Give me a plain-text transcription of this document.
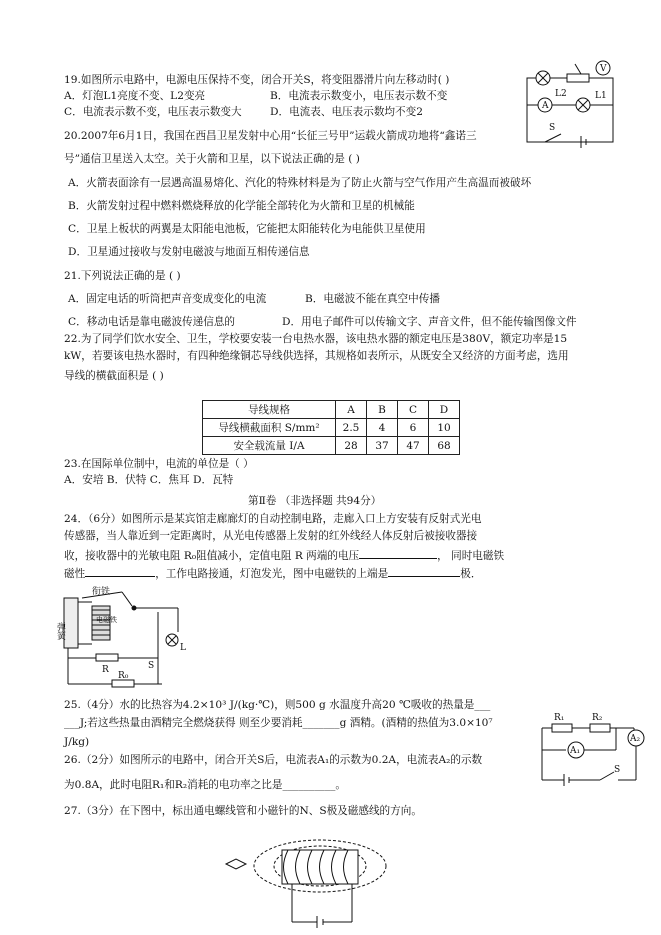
19.如图所示电路中，电源电压保持不变，闭合开关S，将变阻器滑片向左移动时( )
A．灯泡L1亮度不变、L2变亮	B．电流表示数变小，电压表示数不变
C．电流表示数不变，电压表示数变大	D．电流表、电压表示数均不变2
V
L2	L1
A
S
20.2007年6月1日，我国在西昌卫星发射中心用“长征三号甲”运载火箭成功地将“鑫诺三
号”通信卫星送入太空。关于火箭和卫星，以下说法正确的是 ( )
A．火箭表面涂有一层遇高温易熔化、汽化的特殊材料是为了防止火箭与空气作用产生高温而被破坏
B．火箭发射过程中燃料燃烧释放的化学能全部转化为火箭和卫星的机械能
C．卫星上板状的两翼是太阳能电池板，它能把太阳能转化为电能供卫星使用
D．卫星通过接收与发射电磁波与地面互相传递信息
21.下列说法正确的是 ( )
A．固定电话的听筒把声音变成变化的电流	B．电磁波不能在真空中传播
C．移动电话是靠电磁波传递信息的	D．用电子邮件可以传输文字、声音文件，但不能传输图像文件
22.为了同学们饮水安全、卫生，学校要安装一台电热水器，该电热水器的额定电压是380V，额定功率是15
kW，若要该电热水器时，有四种绝缘铜芯导线供选择，其规格如表所示，从既安全又经济的方面考虑，选用
导线的横截面积是 ( )
导线规格	A	B	C	D
导线横截面积 S/mm²	2.5	4	6	10
安全载流量 I/A	28	37	47	68
23.在国际单位制中，电流的单位是（ ）
A．安培 B．伏特 C．焦耳 D．瓦特
第Ⅱ卷 （非选择题 共94分）
24．（6分）如图所示是某宾馆走廊廊灯的自动控制电路，走廊入口上方安装有反射式光电
传感器，当人靠近到一定距离时，从光电传感器上发射的红外线经人体反射后被接收器接
收，接收器中的光敏电阻 R₀阻值减小，定值电阻 R 两端的电压	， 同时电磁铁
磁性	，工作电路接通，灯泡发光，图中电磁铁的上端是	极．
衔铁
弹簧
电磁铁
L
R	S
R₀
25.（4分）水的比热容为4.2×10³ J/(kg·℃)，则500 g 水温度升高20 ℃吸收的热量是___
___J;若这些热量由酒精完全燃烧获得 则至少要消耗_______g 酒精。(酒精的热值为3.0×10⁷
J/kg)
26.（2分）如图所示的电路中，闭合开关S后，电流表A₁的示数为0.2A，电流表A₂的示数
为0.8A，此时电阻R₁和R₂消耗的电功率之比是__________。
R₁	R₂
A₁
A₂
S
27.（3分）在下图中，标出通电螺线管和小磁针的N、S极及磁感线的方向。
